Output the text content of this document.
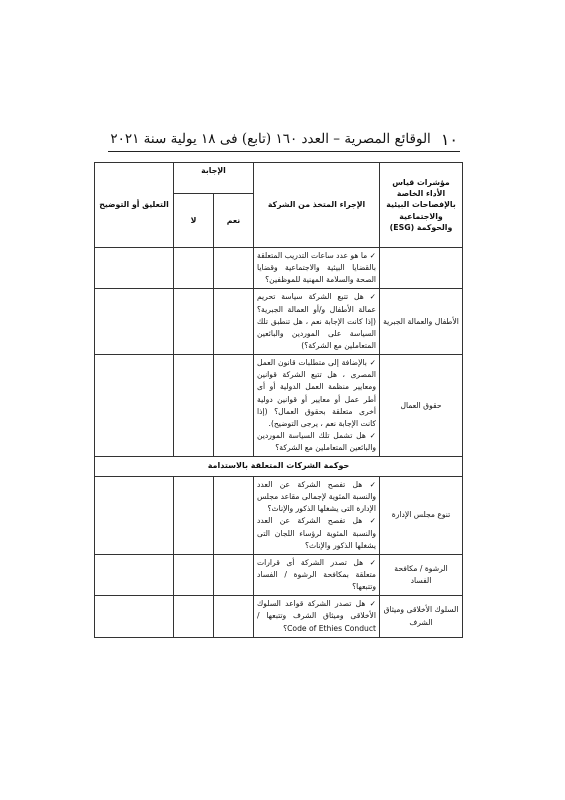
١٠
الوقائع المصرية – العدد ١٦٠ (تابع) فى ١٨ يولية سنة ٢٠٢١
مؤشرات قياس الأداء الخاصة بالإفصاحات البيئية والاجتماعية والحوكمة (ESG)	الإجراء المتخذ من الشركة	الإجابة		التعليق أو التوضيح
		نعم	لا	

	✓ ما هو عدد ساعات التدريب المتعلقة بالقضايا البيئية والاجتماعية وقضايا الصحة والسلامة المهنية للموظفين؟			

الأطفال والعمالة الجبرية	✓ هل تتبع الشركة سياسة تحريم عمالة الأطفال و/أو العمالة الجبرية؟ (إذا كانت الإجابة نعم ، هل تنطبق تلك السياسة على الموردين والبائعين المتعاملين مع الشركة؟)			

حقوق العمال	✓ بالإضافة إلى متطلبات قانون العمل المصرى ، هل تتبع الشركة قوانين ومعايير منظمة العمل الدولية أو أى أطر عمل أو معايير أو قوانين دولية أخرى متعلقة بحقوق العمال؟ (إذا كانت الإجابة نعم ، يرجى التوضيح).

✓ هل تشمل تلك السياسة الموردين والبائعين المتعاملين مع الشركة؟			

حوكمة الشركات المتعلقة بالاستدامة				
تنوع مجلس الإدارة	✓ هل تفصح الشركة عن العدد والنسبة المئوية لإجمالى مقاعد مجلس الإدارة التى يشغلها الذكور والإناث؟

✓ هل تفصح الشركة عن العدد والنسبة المئوية لرؤساء اللجان التى يشغلها الذكور والإناث؟			

الرشوة / مكافحة الفساد	✓ هل تصدر الشركة أى قرارات متعلقة بمكافحة الرشوة / الفساد وتتبعها؟			

السلوك الأخلاقى وميثاق الشرف	✓ هل تصدر الشركة قواعد السلوك الأخلاقى وميثاق الشرف وتتبعها / Code of Ethies Conduct؟			
